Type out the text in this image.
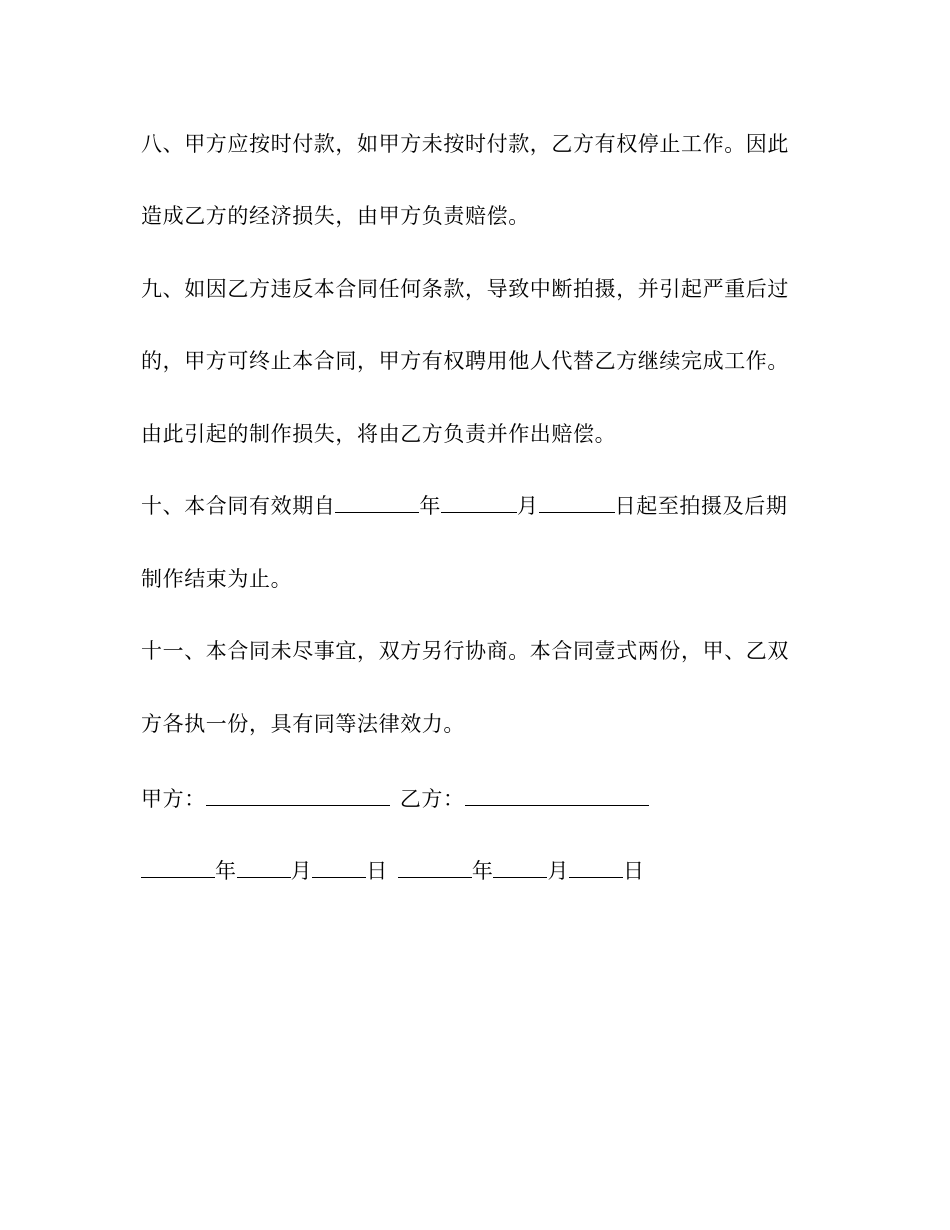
八、甲方应按时付款，如甲方未按时付款，乙方有权停止工作。因此
造成乙方的经济损失，由甲方负责赔偿。
九、如因乙方违反本合同任何条款，导致中断拍摄，并引起严重后过
的，甲方可终止本合同，甲方有权聘用他人代替乙方继续完成工作。
由此引起的制作损失，将由乙方负责并作出赔偿。
十、本合同有效期自	年	月	日起至拍摄及后期
制作结束为止。
十一、本合同未尽事宜，双方另行协商。本合同壹式两份，甲、乙双
方各执一份，具有同等法律效力。
甲方：	乙方：
年	月	日	年	月	日
